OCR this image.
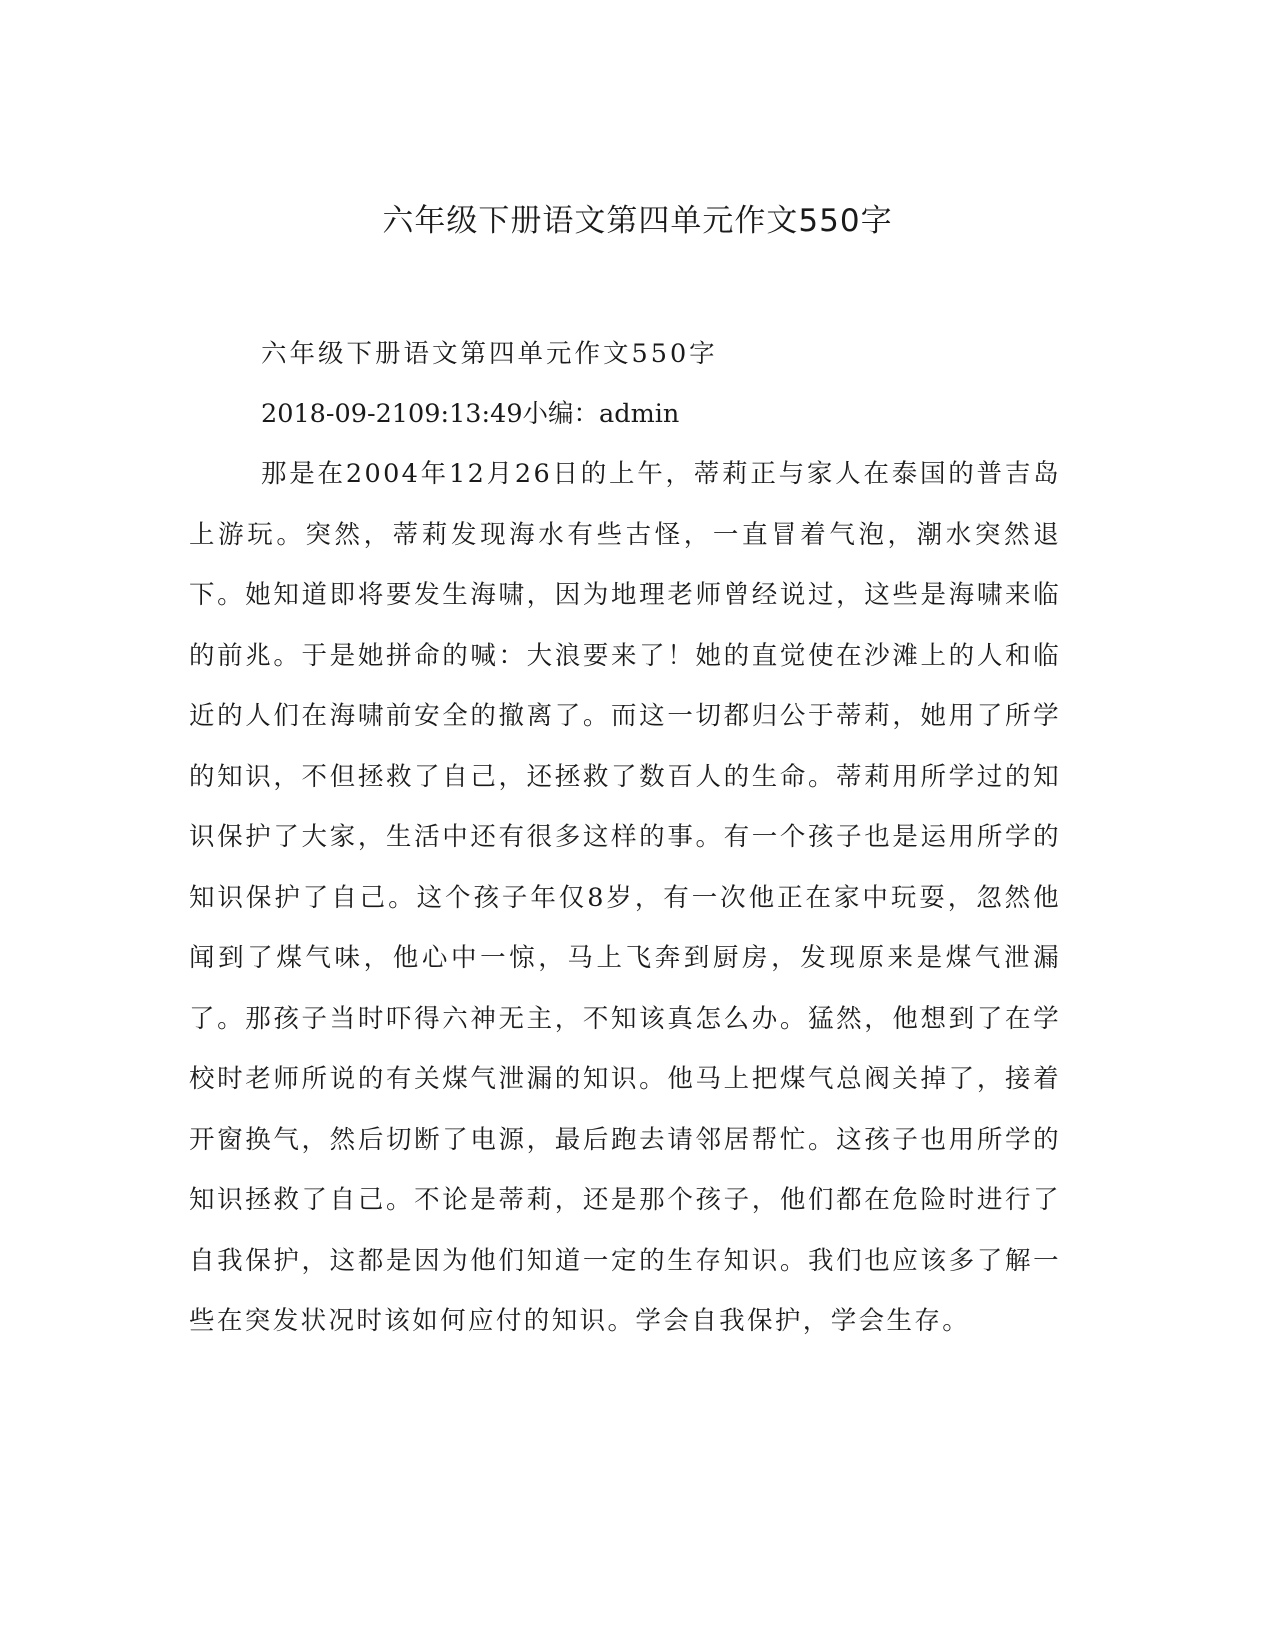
六年级下册语文第四单元作文550字

六年级下册语文第四单元作文550字

2018-09-2109:13:49小编：admin

那是在2004年12月26日的上午，蒂莉正与家人在泰国的普吉岛上游玩。突然，蒂莉发现海水有些古怪，一直冒着气泡，潮水突然退下。她知道即将要发生海啸，因为地理老师曾经说过，这些是海啸来临的前兆。于是她拼命的喊：大浪要来了！她的直觉使在沙滩上的人和临近的人们在海啸前安全的撤离了。而这一切都归公于蒂莉，她用了所学的知识，不但拯救了自己，还拯救了数百人的生命。蒂莉用所学过的知识保护了大家，生活中还有很多这样的事。有一个孩子也是运用所学的知识保护了自己。这个孩子年仅8岁，有一次他正在家中玩耍，忽然他闻到了煤气味，他心中一惊，马上飞奔到厨房，发现原来是煤气泄漏了。那孩子当时吓得六神无主，不知该真怎么办。猛然，他想到了在学校时老师所说的有关煤气泄漏的知识。他马上把煤气总阀关掉了，接着开窗换气，然后切断了电源，最后跑去请邻居帮忙。这孩子也用所学的知识拯救了自己。不论是蒂莉，还是那个孩子，他们都在危险时进行了自我保护，这都是因为他们知道一定的生存知识。我们也应该多了解一些在突发状况时该如何应付的知识。学会自我保护，学会生存。
